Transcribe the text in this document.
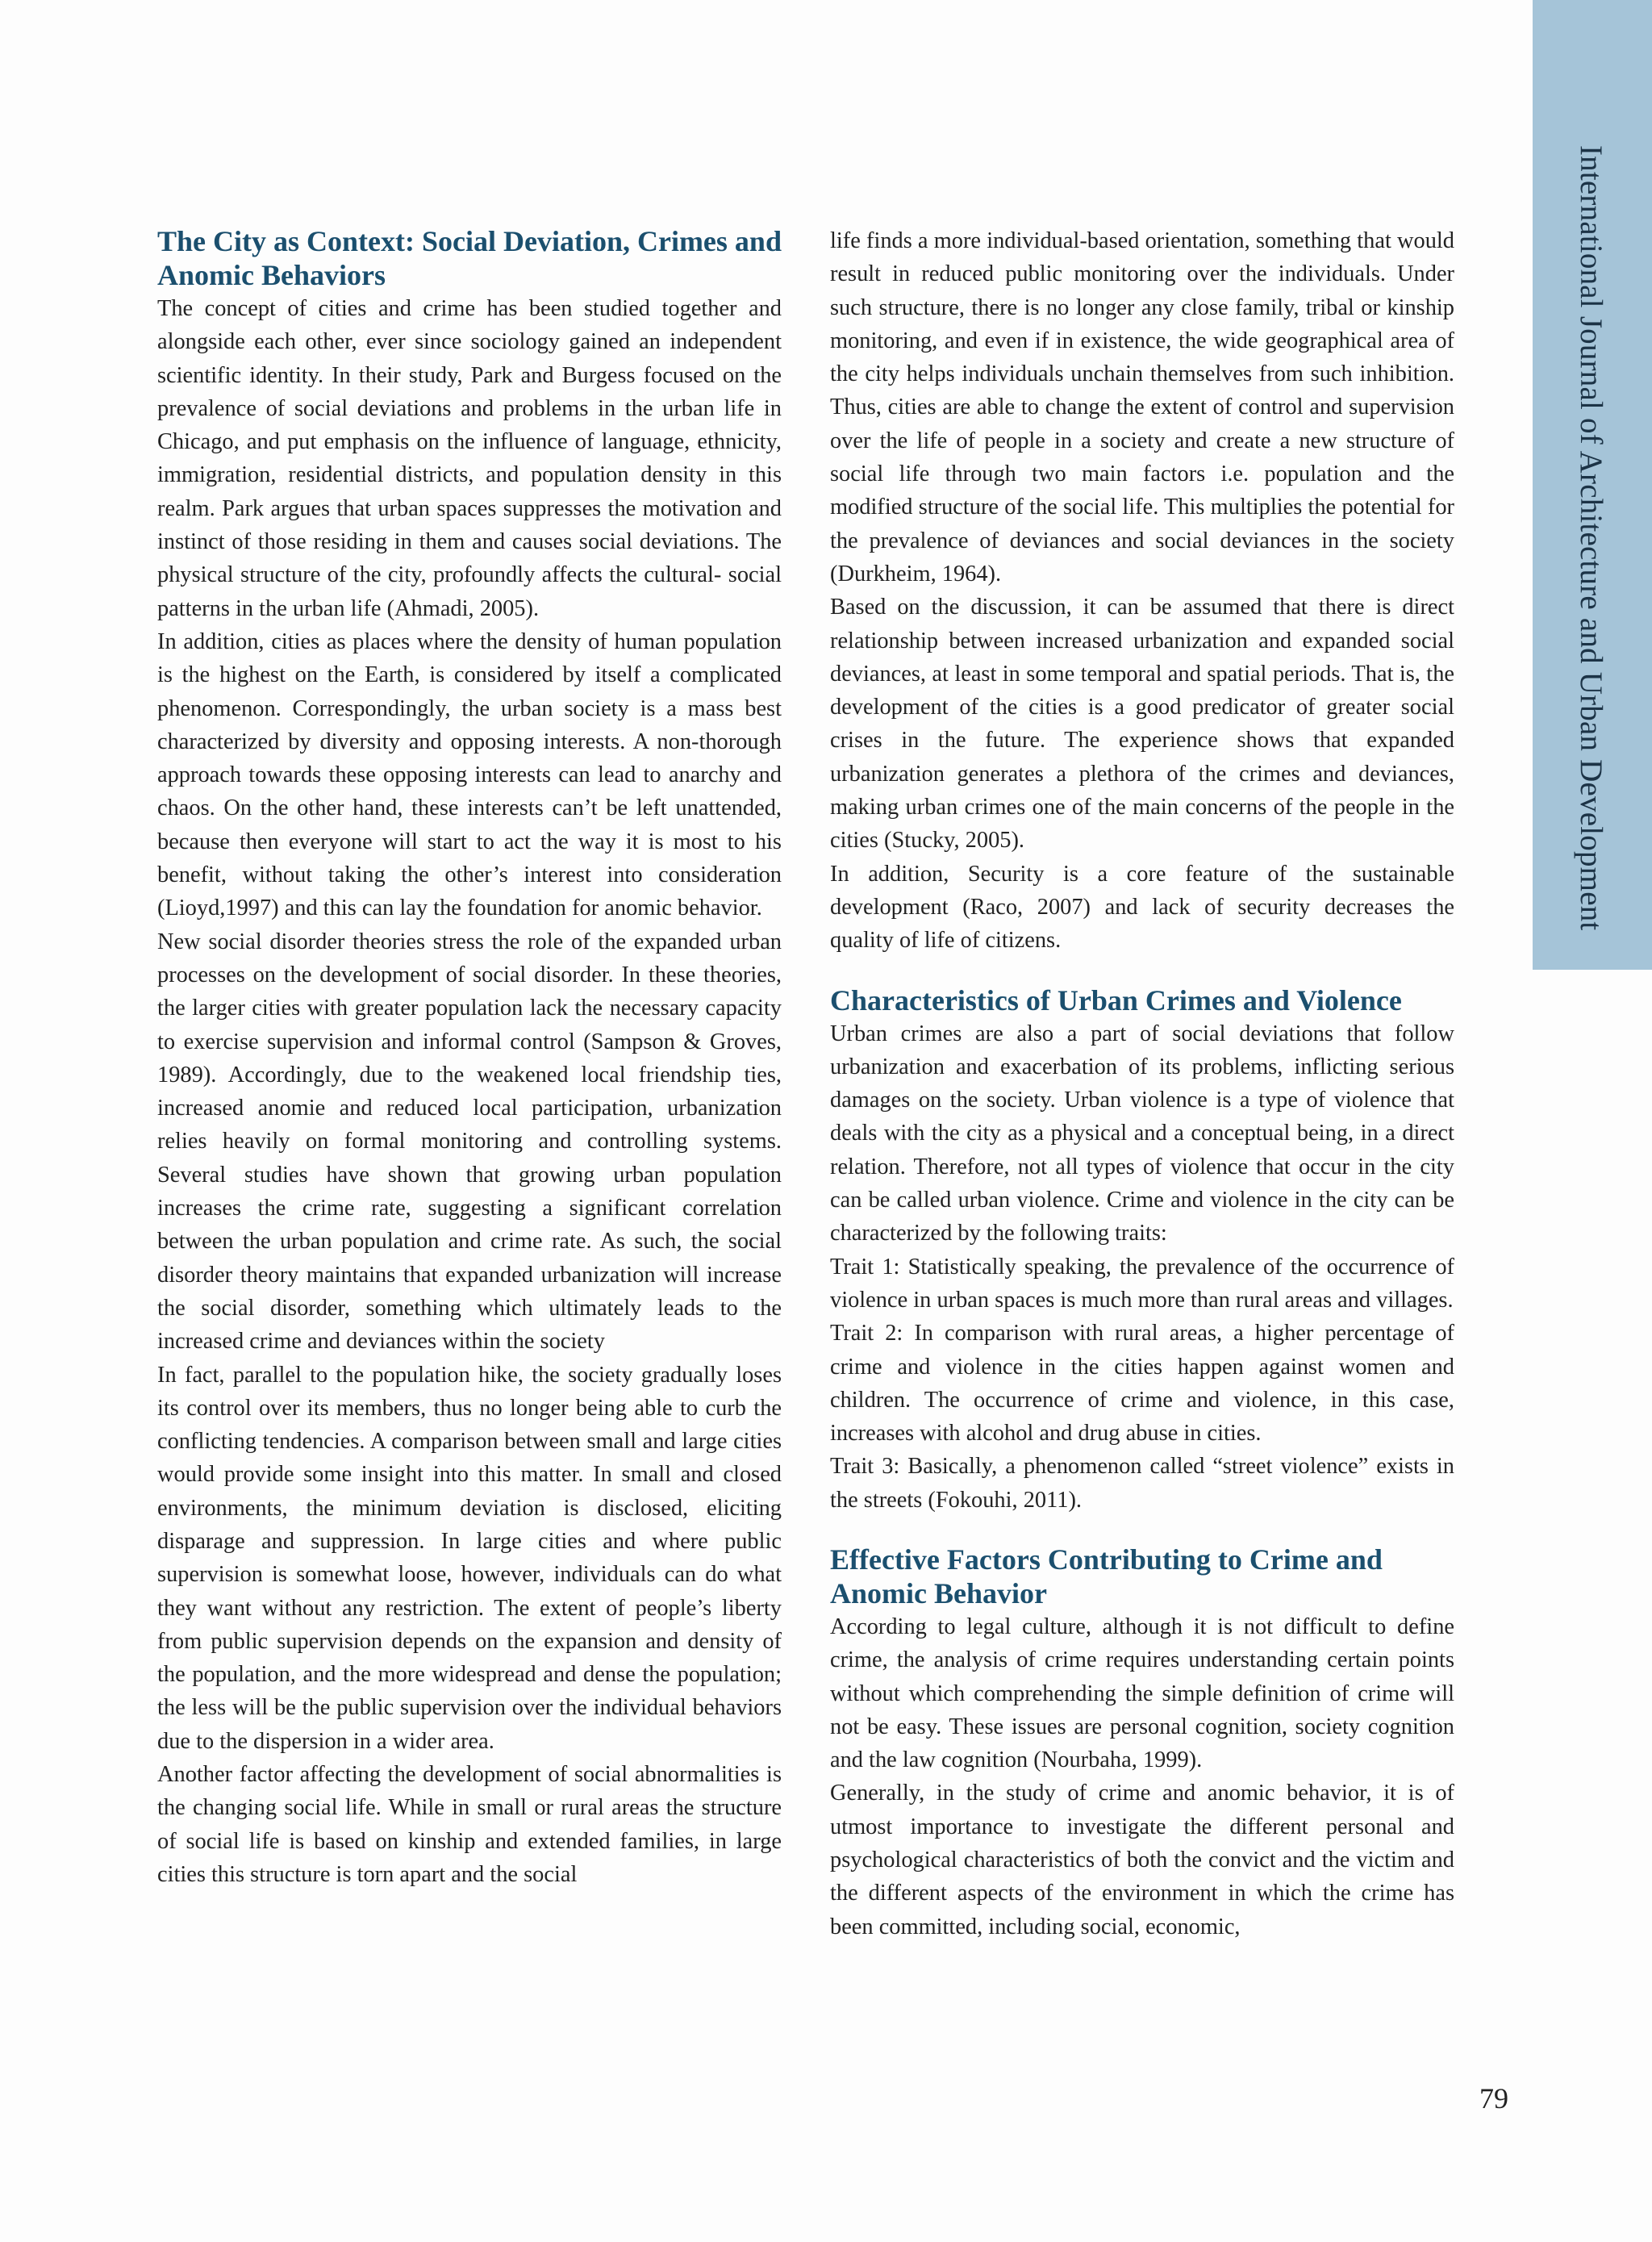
International Journal of Architecture and Urban Development
The City as Context: Social Deviation, Crimes and Anomic Behaviors

The concept of cities and crime has been studied together and alongside each other, ever since sociology gained an independent scientific identity. In their study, Park and Burgess focused on the prevalence of social deviations and problems in the urban life in Chicago, and put emphasis on the influence of language, ethnicity, immigration, residential districts, and population density in this realm. Park argues that urban spaces suppresses the motivation and instinct of those residing in them and causes social deviations. The physical structure of the city, profoundly affects the cultural- social patterns in the urban life (Ahmadi, 2005).

In addition, cities as places where the density of human population is the highest on the Earth, is considered by itself a complicated phenomenon. Correspondingly, the urban society is a mass best characterized by diversity and opposing interests. A non-thorough approach towards these opposing interests can lead to anarchy and chaos. On the other hand, these interests can’t be left unattended, because then everyone will start to act the way it is most to his benefit, without taking the other’s interest into consideration (Lioyd,1997) and this can lay the foundation for anomic behavior.

New social disorder theories stress the role of the expanded urban processes on the development of social disorder. In these theories, the larger cities with greater population lack the necessary capacity to exercise supervision and informal control (Sampson & Groves, 1989). Accordingly, due to the weakened local friendship ties, increased anomie and reduced local participation, urbanization relies heavily on formal monitoring and controlling systems. Several studies have shown that growing urban population increases the crime rate, suggesting a significant correlation between the urban population and crime rate. As such, the social disorder theory maintains that expanded urbanization will increase the social disorder, something which ultimately leads to the increased crime and deviances within the society

In fact, parallel to the population hike, the society gradually loses its control over its members, thus no longer being able to curb the conflicting tendencies. A comparison between small and large cities would provide some insight into this matter. In small and closed environments, the minimum deviation is disclosed, eliciting disparage and suppression. In large cities and where public supervision is somewhat loose, however, individuals can do what they want without any restriction. The extent of people’s liberty from public supervision depends on the expansion and density of the population, and the more widespread and dense the population; the less will be the public supervision over the individual behaviors due to the dispersion in a wider area.

Another factor affecting the development of social abnormalities is the changing social life. While in small or rural areas the structure of social life is based on kinship and extended families, in large cities this structure is torn apart and the social

life finds a more individual-based orientation, something that would result in reduced public monitoring over the individuals. Under such structure, there is no longer any close family, tribal or kinship monitoring, and even if in existence, the wide geographical area of the city helps individuals unchain themselves from such inhibition. Thus, cities are able to change the extent of control and supervision over the life of people in a society and create a new structure of social life through two main factors i.e. population and the modified structure of the social life. This multiplies the potential for the prevalence of deviances and social deviances in the society (Durkheim, 1964).

Based on the discussion, it can be assumed that there is direct relationship between increased urbanization and expanded social deviances, at least in some temporal and spatial periods. That is, the development of the cities is a good predicator of greater social crises in the future. The experience shows that expanded urbanization generates a plethora of the crimes and deviances, making urban crimes one of the main concerns of the people in the cities (Stucky, 2005).

In addition, Security is a core feature of the sustainable development (Raco, 2007) and lack of security decreases the quality of life of citizens.

Characteristics of Urban Crimes and Violence

Urban crimes are also a part of social deviations that follow urbanization and exacerbation of its problems, inflicting serious damages on the society. Urban violence is a type of violence that deals with the city as a physical and a conceptual being, in a direct relation. Therefore, not all types of violence that occur in the city can be called urban violence. Crime and violence in the city can be characterized by the following traits:

Trait 1: Statistically speaking, the prevalence of the occurrence of violence in urban spaces is much more than rural areas and villages.

Trait 2: In comparison with rural areas, a higher percentage of crime and violence in the cities happen against women and children. The occurrence of crime and violence, in this case, increases with alcohol and drug abuse in cities.

Trait 3: Basically, a phenomenon called “street violence” exists in the streets (Fokouhi, 2011).

Effective Factors Contributing to Crime and Anomic Behavior

According to legal culture, although it is not difficult to define crime, the analysis of crime requires understanding certain points without which comprehending the simple definition of crime will not be easy. These issues are personal cognition, society cognition and the law cognition (Nourbaha, 1999).

Generally, in the study of crime and anomic behavior, it is of utmost importance to investigate the different personal and psychological characteristics of both the convict and the victim and the different aspects of the environment in which the crime has been committed, including social, economic,

79
